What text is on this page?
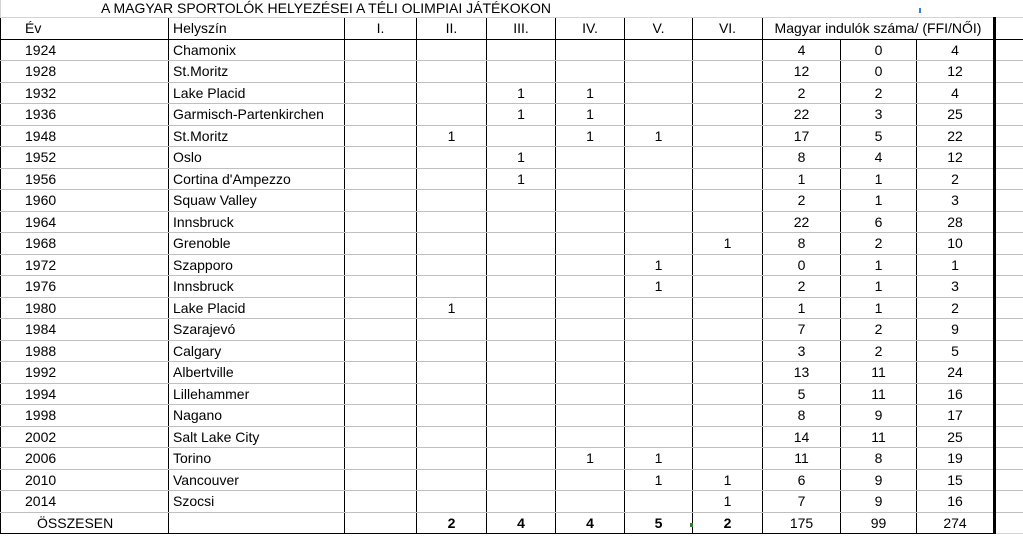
A MAGYAR SPORTOLÓK HELYEZÉSEI A TÉLI OLIMPIAI JÁTÉKOKON											

Év	Helyszín	I.	II.	III.	IV.	V.	VI.	Magyar indulók száma/ (FFI/NŐI)			
1924	Chamonix							4	0	4	
1928	St.Moritz							12	0	12	
1932	Lake Placid			1	1			2	2	4	
1936	Garmisch-Partenkirchen			1	1			22	3	25	
1948	St.Moritz		1		1	1		17	5	22	
1952	Oslo			1				8	4	12	
1956	Cortina d'Ampezzo			1				1	1	2	
1960	Squaw Valley							2	1	3	
1964	Innsbruck							22	6	28	
1968	Grenoble						1	8	2	10	
1972	Szapporo					1		0	1	1	
1976	Innsbruck					1		2	1	3	
1980	Lake Placid		1					1	1	2	
1984	Szarajevó							7	2	9	
1988	Calgary							3	2	5	
1992	Albertville							13	11	24	
1994	Lillehammer							5	11	16	
1998	Nagano							8	9	17	
2002	Salt Lake City							14	11	25	
2006	Torino				1	1		11	8	19	
2010	Vancouver					1	1	6	9	15	
2014	Szocsi						1	7	9	16	
ÖSSZESEN			2	4	4	5	2	175	99	274	
